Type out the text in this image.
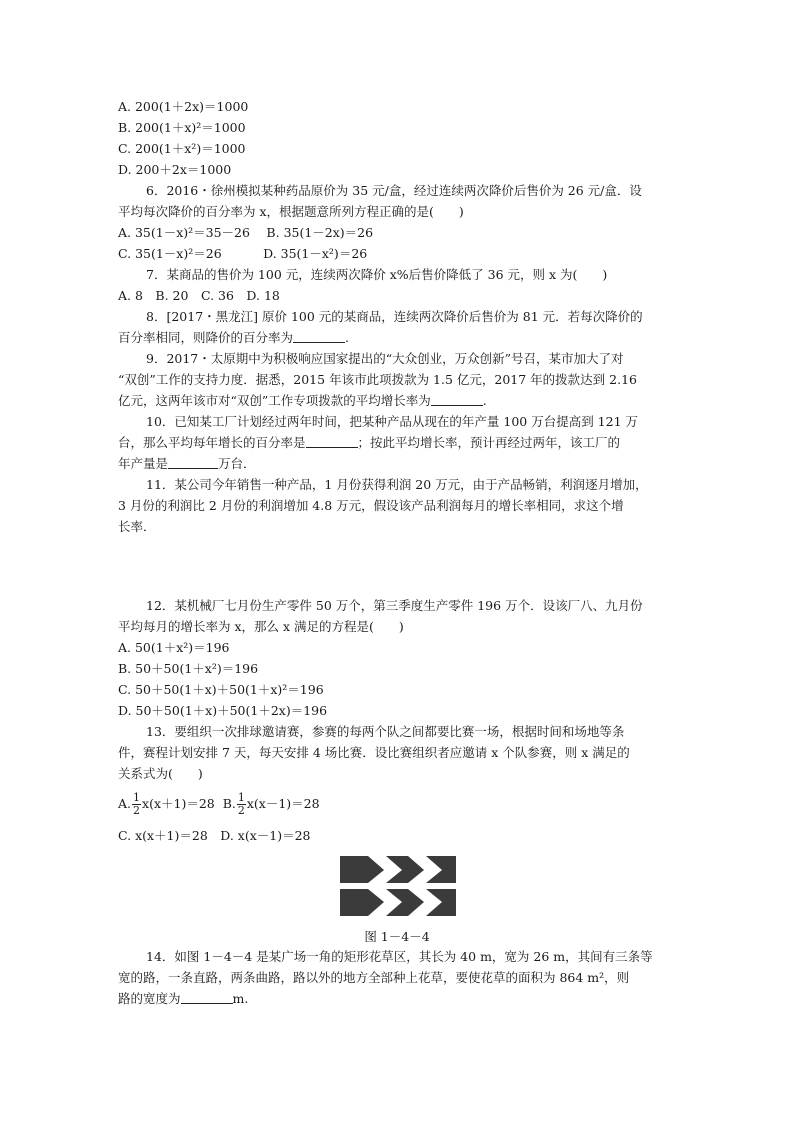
A. 200(1＋2x)＝1000
B. 200(1＋x)²＝1000
C. 200(1＋x²)＝1000
D. 200＋2x＝1000
6．2016・徐州模拟某种药品原价为 35 元/盒，经过连续两次降价后售价为 26 元/盒．设
平均每次降价的百分率为 x，根据题意所列方程正确的是(　　)
A. 35(1－x)²＝35－26　 B. 35(1－2x)＝26
C. 35(1－x)²＝26　　　 D. 35(1－x²)＝26
7．某商品的售价为 100 元，连续两次降价 x%后售价降低了 36 元，则 x 为(　　)
A. 8　B. 20　C. 36　D. 18
8．[2017・黑龙江] 原价 100 元的某商品，连续两次降价后售价为 81 元．若每次降价的
百分率相同，则降价的百分率为	.
9．2017・太原期中为积极响应国家提出的“大众创业，万众创新”号召，某市加大了对
“双创”工作的支持力度．据悉，2015 年该市此项拨款为 1.5 亿元，2017 年的拨款达到 2.16
亿元，这两年该市对“双创”工作专项拨款的平均增长率为	.
10．已知某工厂计划经过两年时间，把某种产品从现在的年产量 100 万台提高到 121 万
台，那么平均每年增长的百分率是	；按此平均增长率，预计再经过两年，该工厂的
年产量是	万台．
11．某公司今年销售一种产品，1 月份获得利润 20 万元，由于产品畅销，利润逐月增加，
3 月份的利润比 2 月份的利润增加 4.8 万元，假设该产品利润每月的增长率相同，求这个增
长率．
12．某机械厂七月份生产零件 50 万个，第三季度生产零件 196 万个．设该厂八、九月份
平均每月的增长率为 x，那么 x 满足的方程是(　　)
A. 50(1＋x²)＝196
B. 50＋50(1＋x²)＝196
C. 50＋50(1＋x)＋50(1＋x)²＝196
D. 50＋50(1＋x)＋50(1＋2x)＝196
13．要组织一次排球邀请赛，参赛的每两个队之间都要比赛一场，根据时间和场地等条
件，赛程计划安排 7 天，每天安排 4 场比赛．设比赛组织者应邀请 x 个队参赛，则 x 满足的
关系式为(　　)
A. $\frac{1}{2} x(x+1)=28$ B. $\frac{1}{2} x(x-1)=28$
C. x(x＋1)＝28　D. x(x－1)＝28
图 1－4－4
14．如图 1－4－4 是某广场一角的矩形花草区，其长为 40 m，宽为 26 m，其间有三条等
宽的路，一条直路，两条曲路，路以外的地方全部种上花草，要使花草的面积为 864 m²，则
路的宽度为	m.
